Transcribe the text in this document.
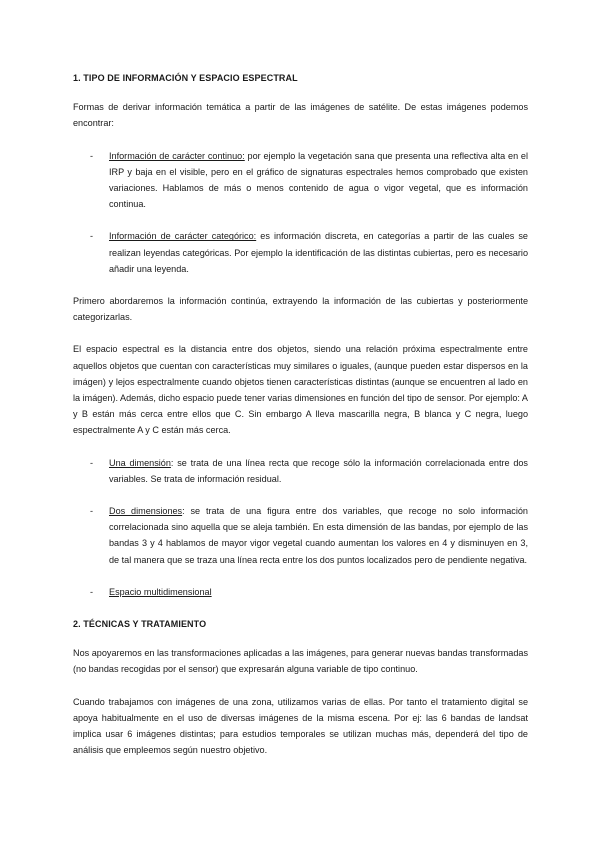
1. TIPO DE INFORMACIÓN Y ESPACIO ESPECTRAL

Formas de derivar información temática a partir de las imágenes de satélite. De estas imágenes podemos encontrar:

- Información de carácter continuo: por ejemplo la vegetación sana que presenta una reflectiva alta en el IRP y baja en el visible, pero en el gráfico de signaturas espectrales hemos comprobado que existen variaciones. Hablamos de más o menos contenido de agua o vigor vegetal, que es información continua.
- Información de carácter categórico: es información discreta, en categorías a partir de las cuales se realizan leyendas categóricas. Por ejemplo la identificación de las distintas cubiertas, pero es necesario añadir una leyenda.

Primero abordaremos la información continúa, extrayendo la información de las cubiertas y posteriormente categorizarlas.

El espacio espectral es la distancia entre dos objetos, siendo una relación próxima espectralmente entre aquellos objetos que cuentan con características muy similares o iguales, (aunque pueden estar dispersos en la imágen) y lejos espectralmente cuando objetos tienen características distintas (aunque se encuentren al lado en la imágen). Además, dicho espacio puede tener varias dimensiones en función del tipo de sensor. Por ejemplo: A y B están más cerca entre ellos que C. Sin embargo A lleva mascarilla negra, B blanca y C negra, luego espectralmente A y C están más cerca.

- Una dimensión: se trata de una línea recta que recoge sólo la información correlacionada entre dos variables. Se trata de información residual.
- Dos dimensiones: se trata de una figura entre dos variables, que recoge no solo información correlacionada sino aquella que se aleja también. En esta dimensión de las bandas, por ejemplo de las bandas 3 y 4 hablamos de mayor vigor vegetal cuando aumentan los valores en 4 y disminuyen en 3, de tal manera que se traza una línea recta entre los dos puntos localizados pero de pendiente negativa.
- Espacio multidimensional
2. TÉCNICAS Y TRATAMIENTO

Nos apoyaremos en las transformaciones aplicadas a las imágenes, para generar nuevas bandas transformadas (no bandas recogidas por el sensor) que expresarán alguna variable de tipo continuo.

Cuando trabajamos con imágenes de una zona, utilizamos varias de ellas. Por tanto el tratamiento digital se apoya habitualmente en el uso de diversas imágenes de la misma escena. Por ej: las 6 bandas de landsat implica usar 6 imágenes distintas; para estudios temporales se utilizan muchas más, dependerá del tipo de análisis que empleemos según nuestro objetivo.
